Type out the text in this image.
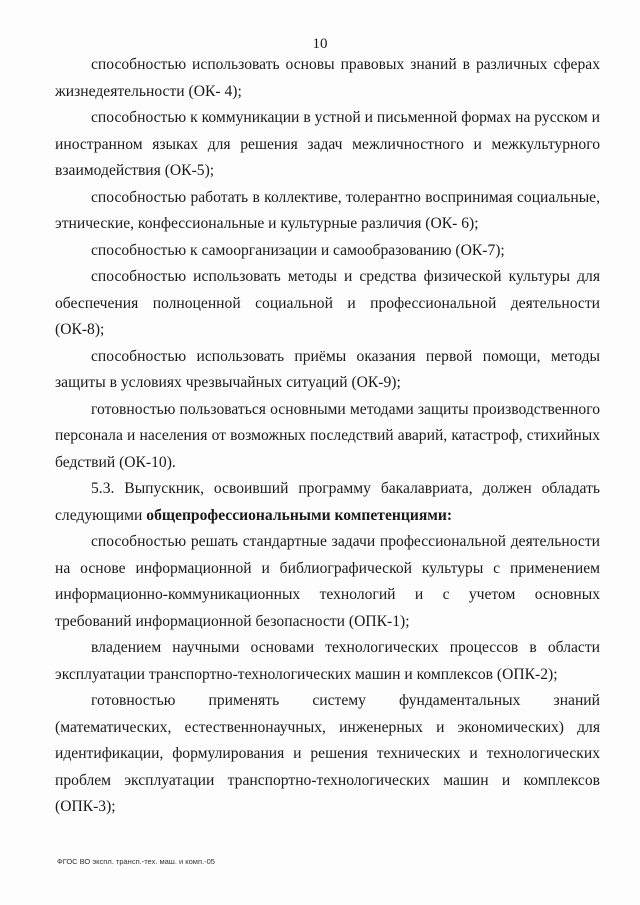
10

способностью использовать основы правовых знаний в различных сферах жизнедеятельности (ОК- 4);

способностью к коммуникации в устной и письменной формах на русском и иностранном языках для решения задач межличностного и межкультурного взаимодействия (ОК-5);

способностью работать в коллективе, толерантно воспринимая социальные, этнические, конфессиональные и культурные различия (ОК- 6);

способностью к самоорганизации и самообразованию (ОК-7);

способностью использовать методы и средства физической культуры для обеспечения полноценной социальной и профессиональной деятельности (ОК-8);

способностью использовать приёмы оказания первой помощи, методы защиты в условиях чрезвычайных ситуаций (ОК-9);

готовностью пользоваться основными методами защиты производственного персонала и населения от возможных последствий аварий, катастроф, стихийных бедствий (ОК-10).

5.3. Выпускник, освоивший программу бакалавриата, должен обладать следующими общепрофессиональными компетенциями:

способностью решать стандартные задачи профессиональной деятельности на основе информационной и библиографической культуры с применением информационно-коммуникационных технологий и с учетом основных требований информационной безопасности (ОПК-1);

владением научными основами технологических процессов в области эксплуатации транспортно-технологических машин и комплексов (ОПК-2);

готовностью применять систему фундаментальных знаний (математических, естественнонаучных, инженерных и экономических) для идентификации, формулирования и решения технических и технологических проблем эксплуатации транспортно-технологических машин и комплексов (ОПК-3);

ФГОС ВО экспл. трансп.-тех. маш. и комп.-05
